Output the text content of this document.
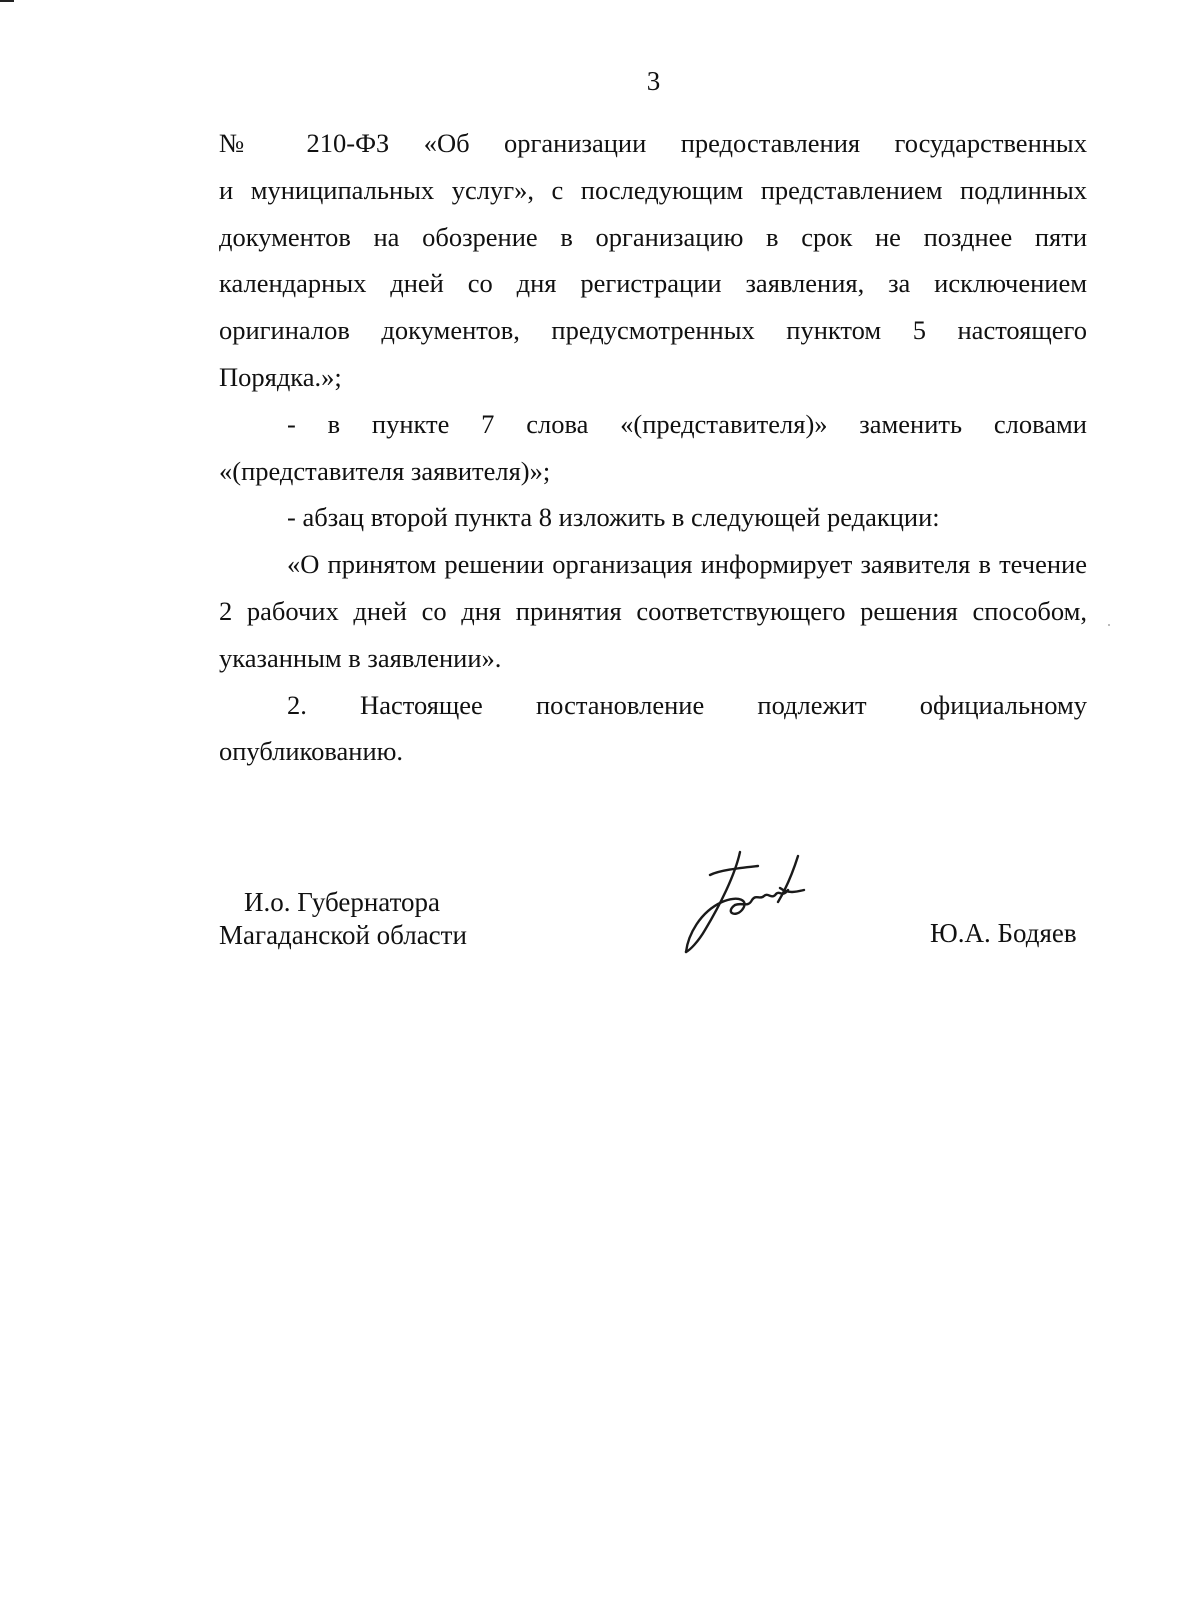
3

№ 210-ФЗ «Об организации предоставления государственных
и муниципальных услуг», с последующим представлением подлинных документов на обозрение в организацию в срок не позднее пяти календарных дней со дня регистрации заявления, за исключением оригиналов документов, предусмотренных пунктом 5 настоящего Порядка.»;

- в пункте 7 слова «(представителя)» заменить словами «(представителя заявителя)»;

- абзац второй пункта 8 изложить в следующей редакции:

«О принятом решении организация информирует заявителя в течение 2 рабочих дней со дня принятия соответствующего решения способом, указанным в заявлении».

2. Настоящее постановление подлежит официальному опубликованию.

И.о. Губернатора
Магаданской области	Ю.А. Бодяев
